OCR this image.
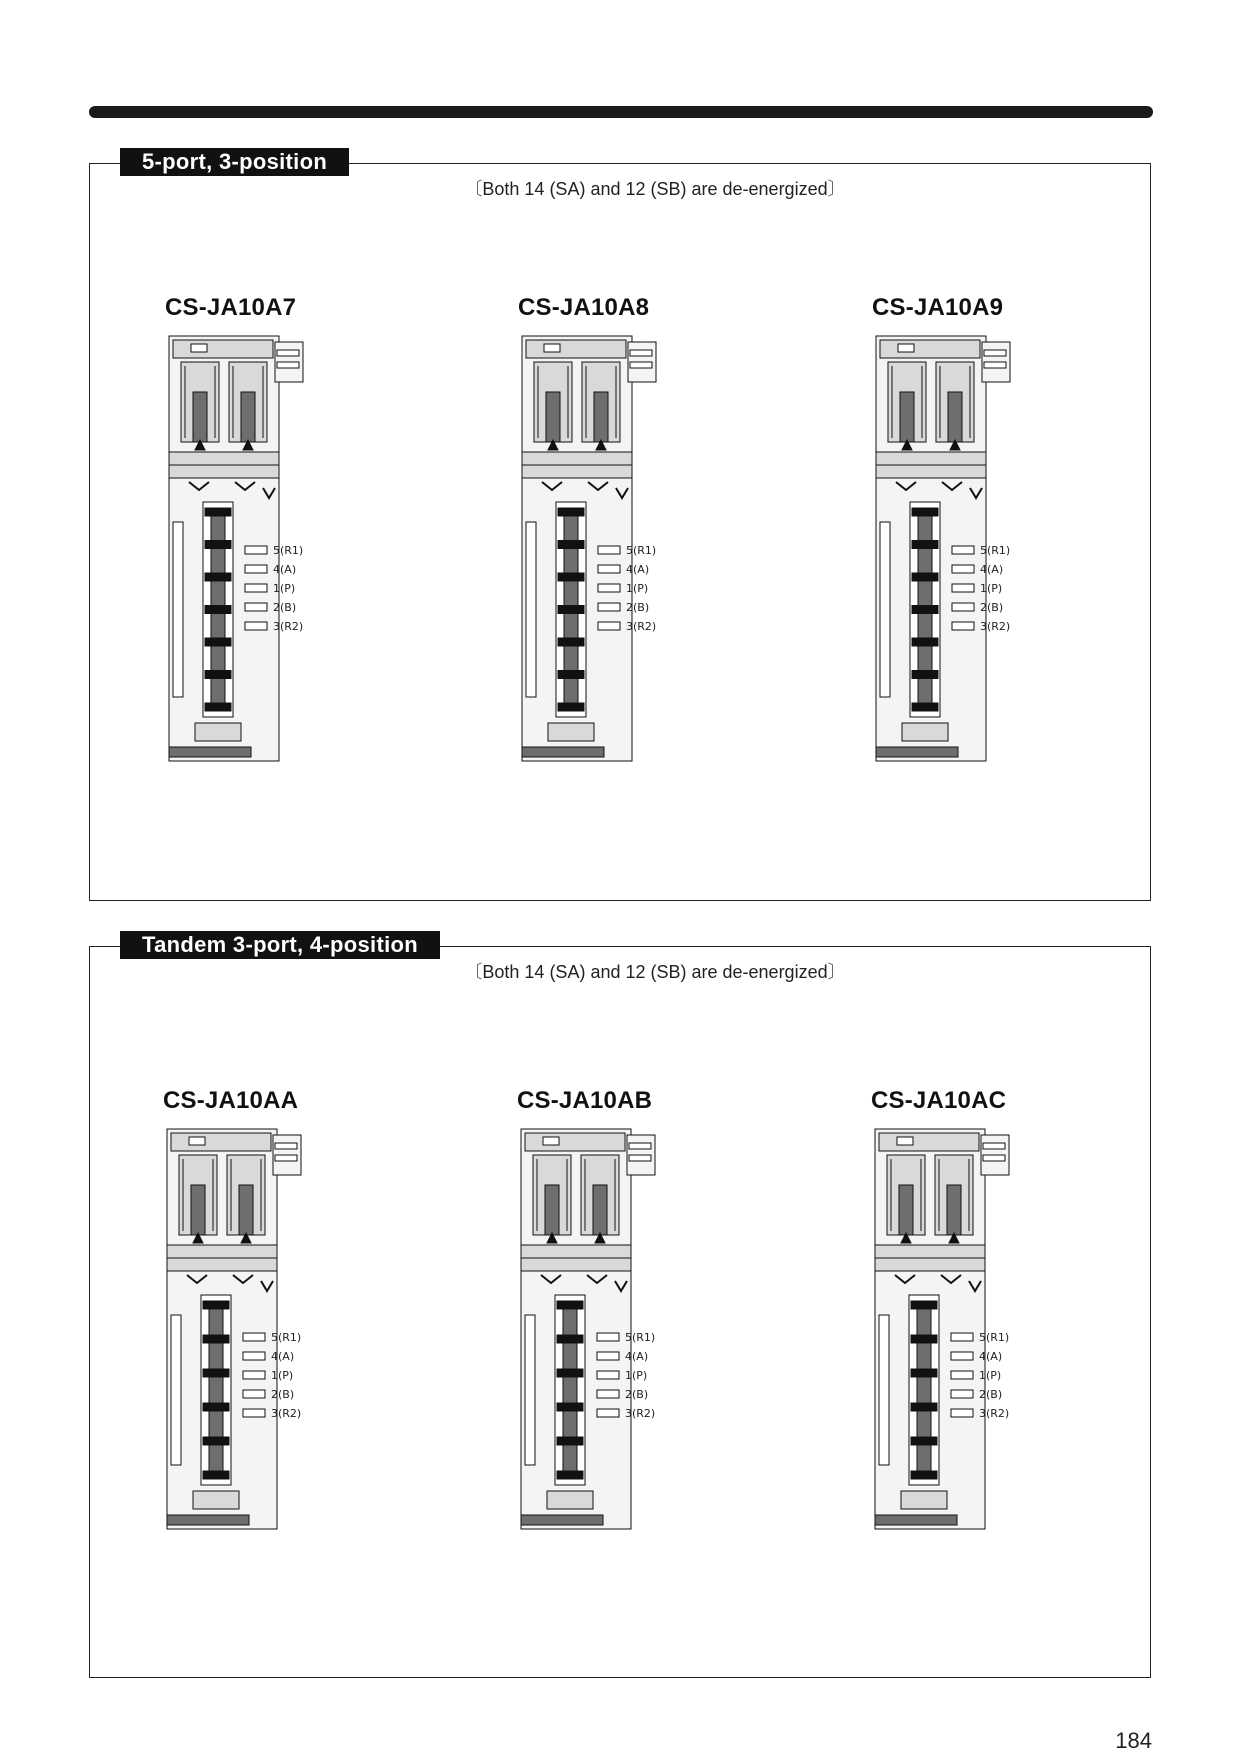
5-port, 3-position
〔Both 14 (SA) and 12 (SB) are de-energized〕
CS-JA10A7
5(R1)
4(A)
1(P)
2(B)
3(R2)
CS-JA10A8
5(R1)
4(A)
1(P)
2(B)
3(R2)
CS-JA10A9
5(R1)
4(A)
1(P)
2(B)
3(R2)
Tandem 3-port, 4-position
〔Both 14 (SA) and 12 (SB) are de-energized〕
CS-JA10AA
5(R1)
4(A)
1(P)
2(B)
3(R2)
CS-JA10AB
5(R1)
4(A)
1(P)
2(B)
3(R2)
CS-JA10AC
5(R1)
4(A)
1(P)
2(B)
3(R2)
184
